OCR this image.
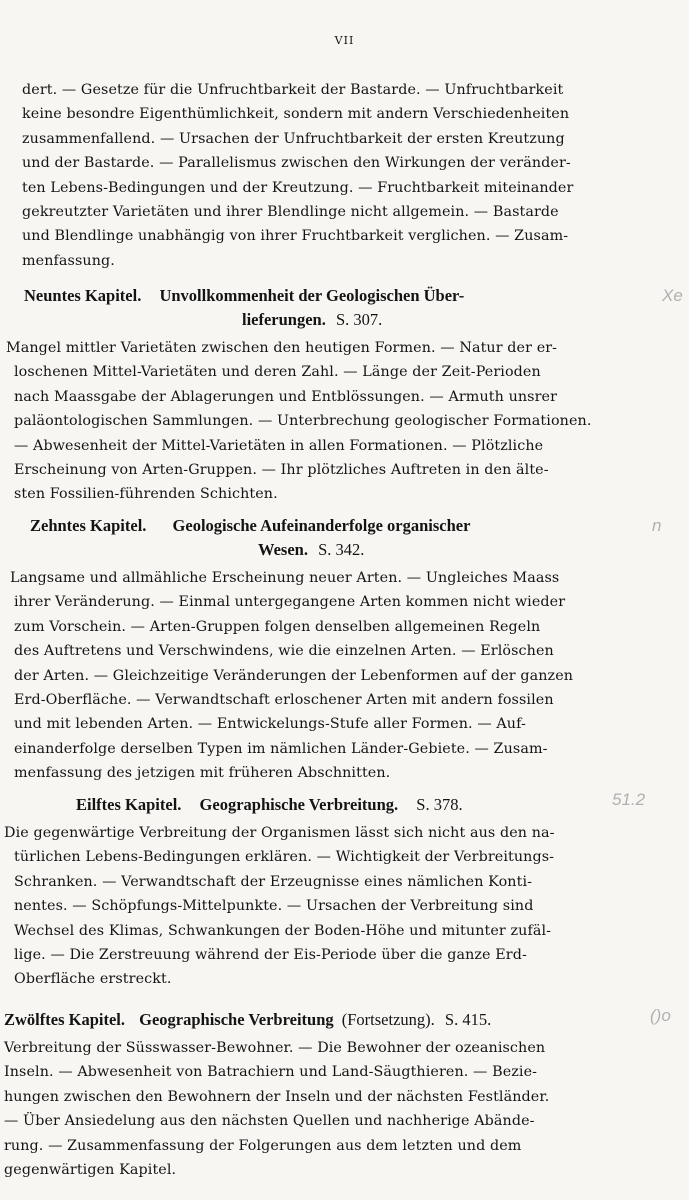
VII
dert. — Gesetze für die Unfruchtbarkeit der Bastarde. — Unfruchtbarkeit
keine besondre Eigenthümlichkeit, sondern mit andern Verschiedenheiten
zusammenfallend. — Ursachen der Unfruchtbarkeit der ersten Kreutzung
und der Bastarde. — Parallelismus zwischen den Wirkungen der veränder-
ten Lebens-Bedingungen und der Kreutzung. — Fruchtbarkeit miteinander
gekreutzter Varietäten und ihrer Blendlinge nicht allgemein. — Bastarde
und Blendlinge unabhängig von ihrer Fruchtbarkeit verglichen. — Zusam-
menfassung.
Neuntes Kapitel. Unvollkommenheit der Geologischen Über-
lieferungen. S. 307.
Mangel mittler Varietäten zwischen den heutigen Formen. — Natur der er-
loschenen Mittel-Varietäten und deren Zahl. — Länge der Zeit-Perioden
nach Maassgabe der Ablagerungen und Entblössungen. — Armuth unsrer
paläontologischen Sammlungen. — Unterbrechung geologischer Formationen.
— Abwesenheit der Mittel-Varietäten in allen Formationen. — Plötzliche
Erscheinung von Arten-Gruppen. — Ihr plötzliches Auftreten in den älte-
sten Fossilien-führenden Schichten.
Xe
Zehntes Kapitel. Geologische Aufeinanderfolge organischer
Wesen. S. 342.
Langsame und allmähliche Erscheinung neuer Arten. — Ungleiches Maass
ihrer Veränderung. — Einmal untergegangene Arten kommen nicht wieder
zum Vorschein. — Arten-Gruppen folgen denselben allgemeinen Regeln
des Auftretens und Verschwindens, wie die einzelnen Arten. — Erlöschen
der Arten. — Gleichzeitige Veränderungen der Lebenformen auf der ganzen
Erd-Oberfläche. — Verwandtschaft erloschener Arten mit andern fossilen
und mit lebenden Arten. — Entwickelungs-Stufe aller Formen. — Auf-
einanderfolge derselben Typen im nämlichen Länder-Gebiete. — Zusam-
menfassung des jetzigen mit früheren Abschnitten.
n
Eilftes Kapitel. Geographische Verbreitung. S. 378.
Die gegenwärtige Verbreitung der Organismen lässt sich nicht aus den na-
türlichen Lebens-Bedingungen erklären. — Wichtigkeit der Verbreitungs-
Schranken. — Verwandtschaft der Erzeugnisse eines nämlichen Konti-
nentes. — Schöpfungs-Mittelpunkte. — Ursachen der Verbreitung sind
Wechsel des Klimas, Schwankungen der Boden-Höhe und mitunter zufäl-
lige. — Die Zerstreuung während der Eis-Periode über die ganze Erd-
Oberfläche erstreckt.
51.2
Zwölftes Kapitel. Geographische Verbreitung (Fortsetzung). S. 415.
Verbreitung der Süsswasser-Bewohner. — Die Bewohner der ozeanischen
Inseln. — Abwesenheit von Batrachiern und Land-Säugthieren. — Bezie-
hungen zwischen den Bewohnern der Inseln und der nächsten Festländer.
— Über Ansiedelung aus den nächsten Quellen und nachherige Abände-
rung. — Zusammenfassung der Folgerungen aus dem letzten und dem
gegenwärtigen Kapitel.
()o
